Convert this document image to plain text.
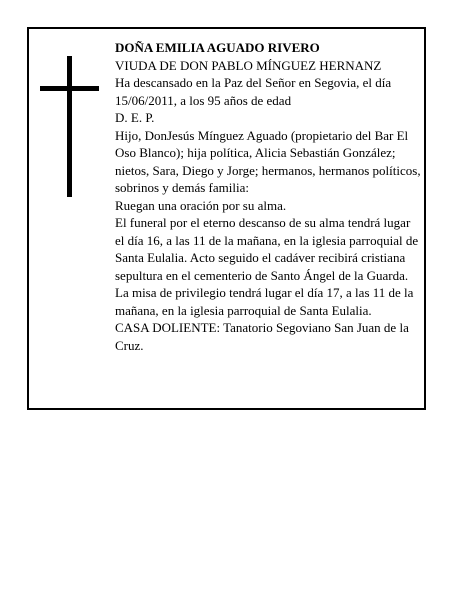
DOÑA EMILIA AGUADO RIVERO

VIUDA DE DON PABLO MÍNGUEZ HERNANZ

Ha descansado en la Paz del Señor en Segovia, el día 15/06/2011, a los 95 años de edad

D. E. P.

Hijo, DonJesús Mínguez Aguado (propietario del Bar El Oso Blanco); hija política, Alicia Sebastián González; nietos, Sara, Diego y Jorge; hermanos, hermanos políticos, sobrinos y demás familia:

Ruegan una oración por su alma.

El funeral por el eterno descanso de su alma tendrá lugar el día 16, a las 11 de la mañana, en la iglesia parroquial de Santa Eulalia. Acto seguido el cadáver recibirá cristiana sepultura en el cementerio de Santo Ángel de la Guarda. La misa de privilegio tendrá lugar el día 17, a las 11 de la mañana, en la iglesia parroquial de Santa Eulalia.

CASA DOLIENTE: Tanatorio Segoviano San Juan de la Cruz.
